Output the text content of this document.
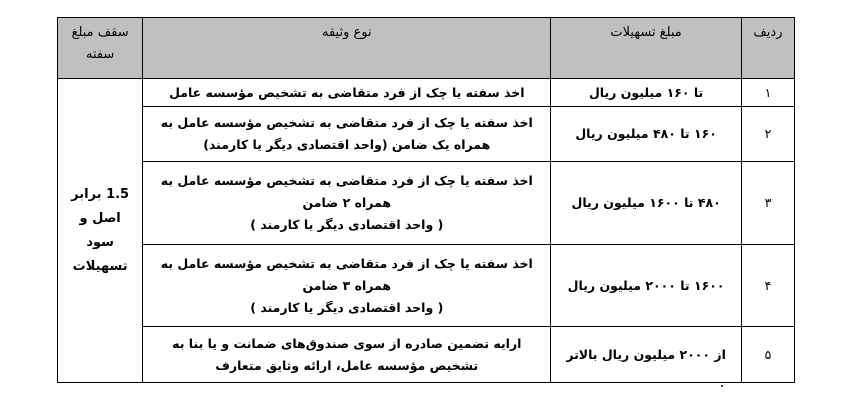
ردیف	مبلغ تسهیلات	نوع وثیقه	سقف مبلغ
سفته

۱	تا ۱۶۰ میلیون ریال	اخذ سفته یا چک از فرد متقاضی به تشخیص مؤسسه عامل	1.5 برابر
اصل و سود
تسهیلات

۲	۱۶۰ تا ۴۸۰ میلیون ریال	اخذ سفته یا چک از فرد متقاضی به تشخیص مؤسسه عامل به
همراه یک ضامن (واحد اقتصادی دیگر یا کارمند)	

۳	۴۸۰ تا ۱۶۰۰ میلیون ریال	اخذ سفته یا چک از فرد متقاضی به تشخیص مؤسسه عامل به
همراه ۲ ضامن
( واحد اقتصادی دیگر یا کارمند )	

۴	۱۶۰۰ تا ۲۰۰۰ میلیون ریال	اخذ سفته یا چک از فرد متقاضی به تشخیص مؤسسه عامل به
همراه ۳ ضامن
( واحد اقتصادی دیگر یا کارمند )	

۵	از ۲۰۰۰ میلیون ریال بالاتر	ارایه تضمین صادره از سوی صندوق‌های ضمانت و یا بنا به
تشخیص مؤسسه عامل، ارائه وثایق متعارف	
